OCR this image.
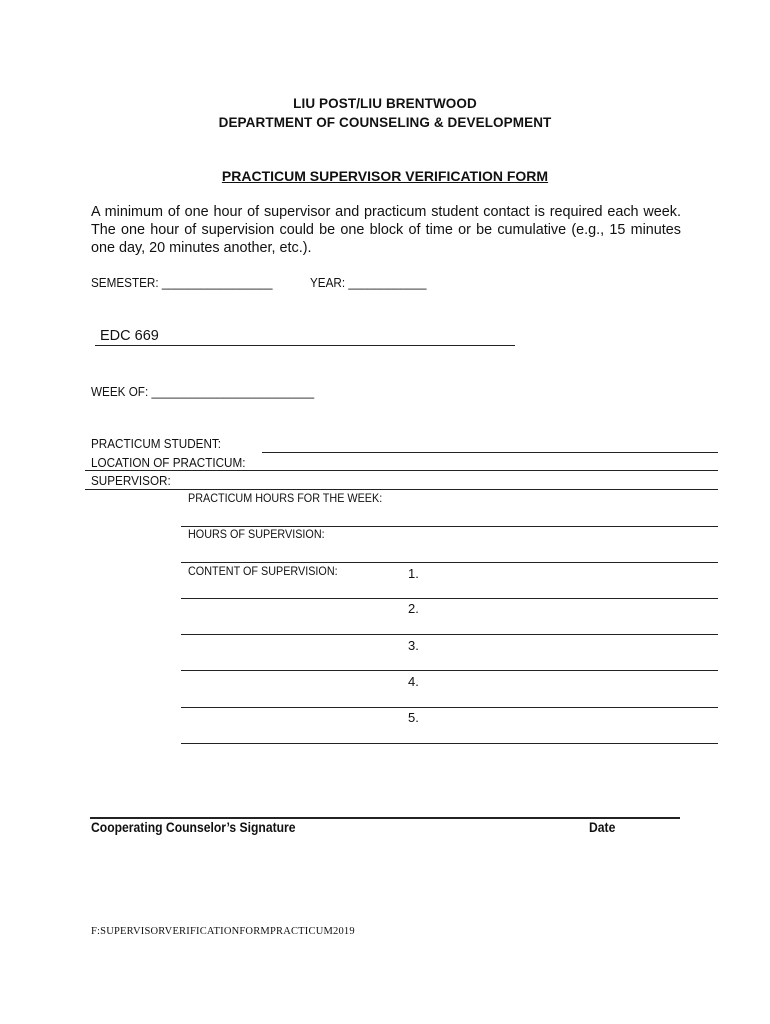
LIU POST/LIU BRENTWOOD
DEPARTMENT OF COUNSELING & DEVELOPMENT
PRACTICUM SUPERVISOR VERIFICATION FORM
A minimum of one hour of supervisor and practicum student contact is required each week. The one hour of supervision could be one block of time or be cumulative (e.g., 15 minutes one day, 20 minutes another, etc.).
SEMESTER: _________________	YEAR: ____________
EDC 669
WEEK OF: _________________________
PRACTICUM STUDENT:
LOCATION OF PRACTICUM:
SUPERVISOR:
PRACTICUM HOURS FOR THE WEEK:
HOURS OF SUPERVISION:
CONTENT OF SUPERVISION:	1.
2.
3.
4.
5.
Cooperating Counselor’s Signature	Date
F:SUPERVISORVERIFICATIONFORMPRACTICUM2019
